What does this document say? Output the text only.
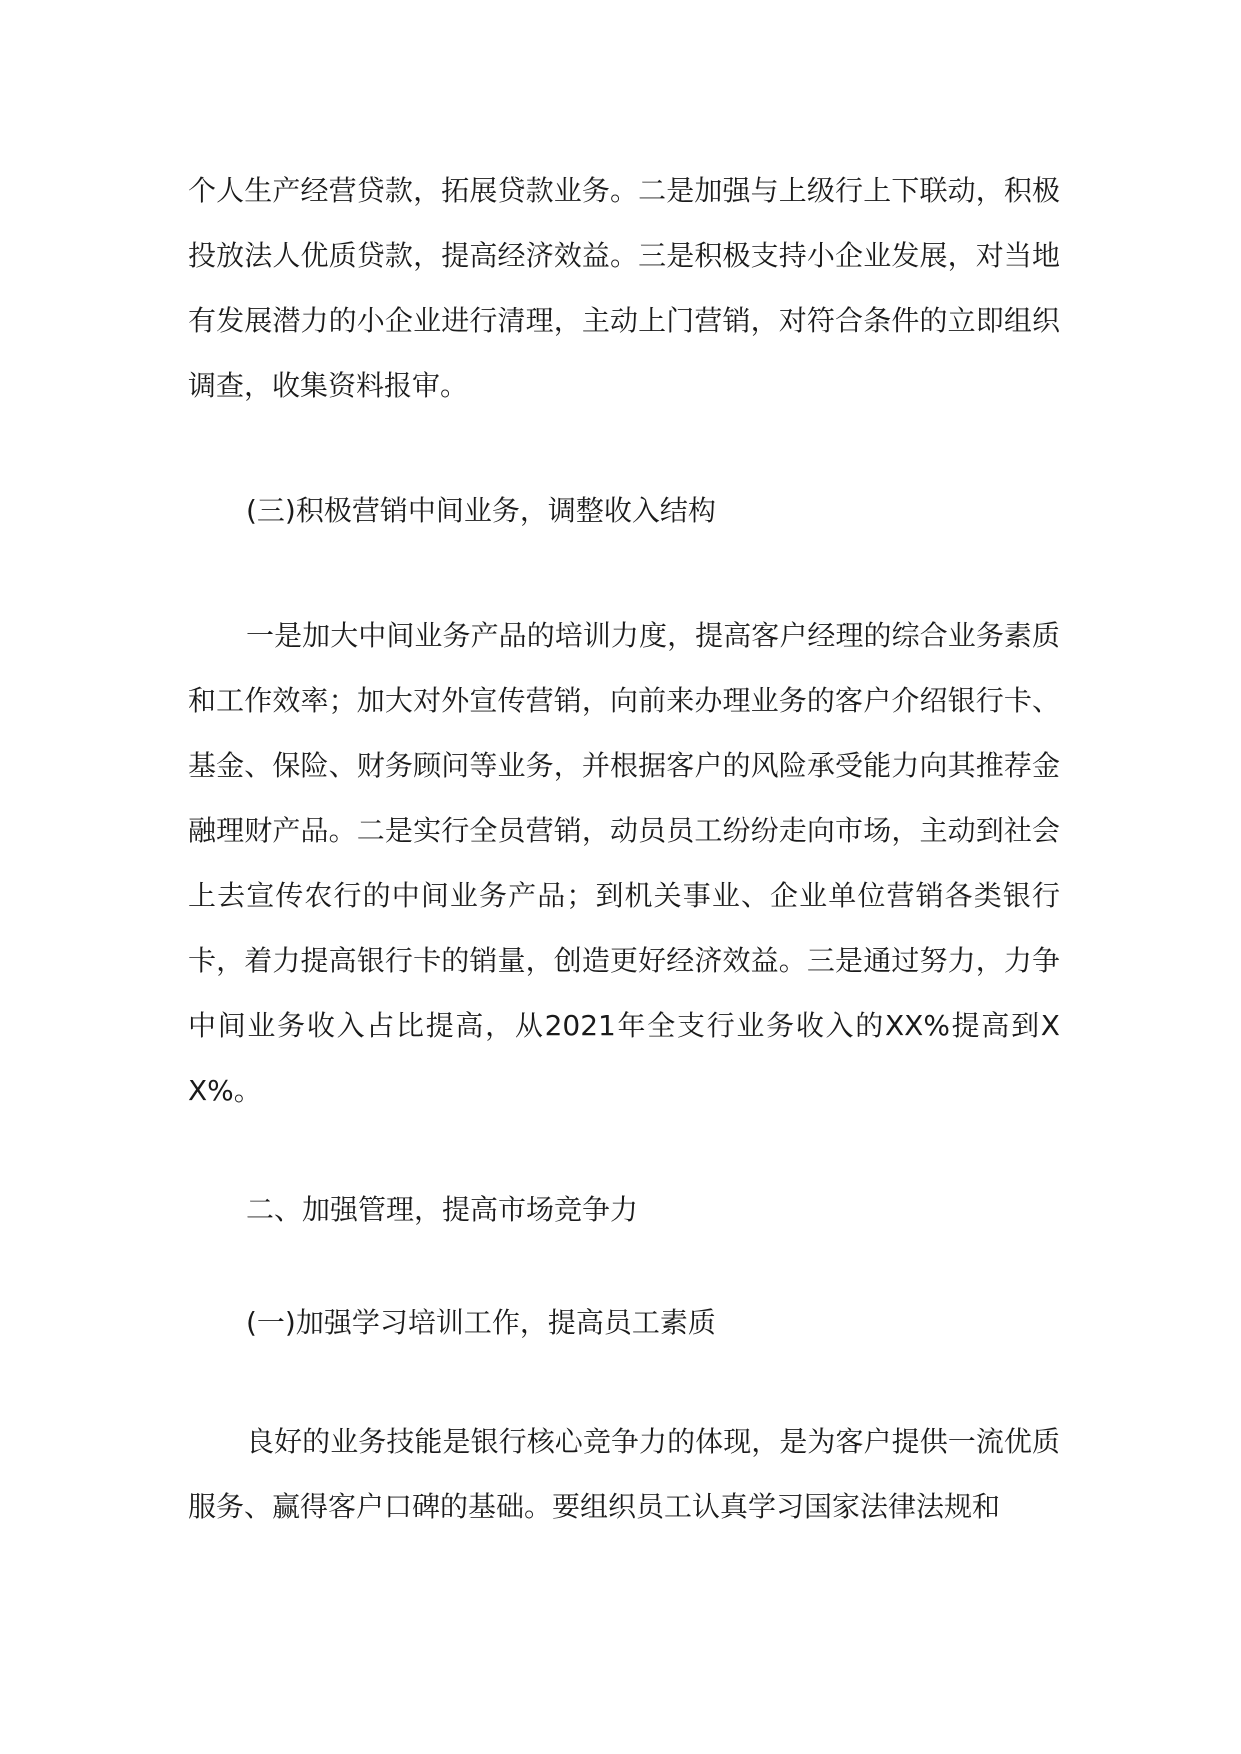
个人生产经营贷款，拓展贷款业务。二是加强与上级行上下联动，积极投放法人优质贷款，提高经济效益。三是积极支持小企业发展，对当地有发展潜力的小企业进行清理，主动上门营销，对符合条件的立即组织调查，收集资料报审。

(三)积极营销中间业务，调整收入结构

一是加大中间业务产品的培训力度，提高客户经理的综合业务素质和工作效率；加大对外宣传营销，向前来办理业务的客户介绍银行卡、基金、保险、财务顾问等业务，并根据客户的风险承受能力向其推荐金融理财产品。二是实行全员营销，动员员工纷纷走向市场，主动到社会上去宣传农行的中间业务产品；到机关事业、企业单位营销各类银行卡，着力提高银行卡的销量，创造更好经济效益。三是通过努力，力争中间业务收入占比提高，从2021年全支行业务收入的XX%提高到XX%。

二、加强管理，提高市场竞争力

(一)加强学习培训工作，提高员工素质

良好的业务技能是银行核心竞争力的体现，是为客户提供一流优质服务、赢得客户口碑的基础。要组织员工认真学习国家法律法规和
